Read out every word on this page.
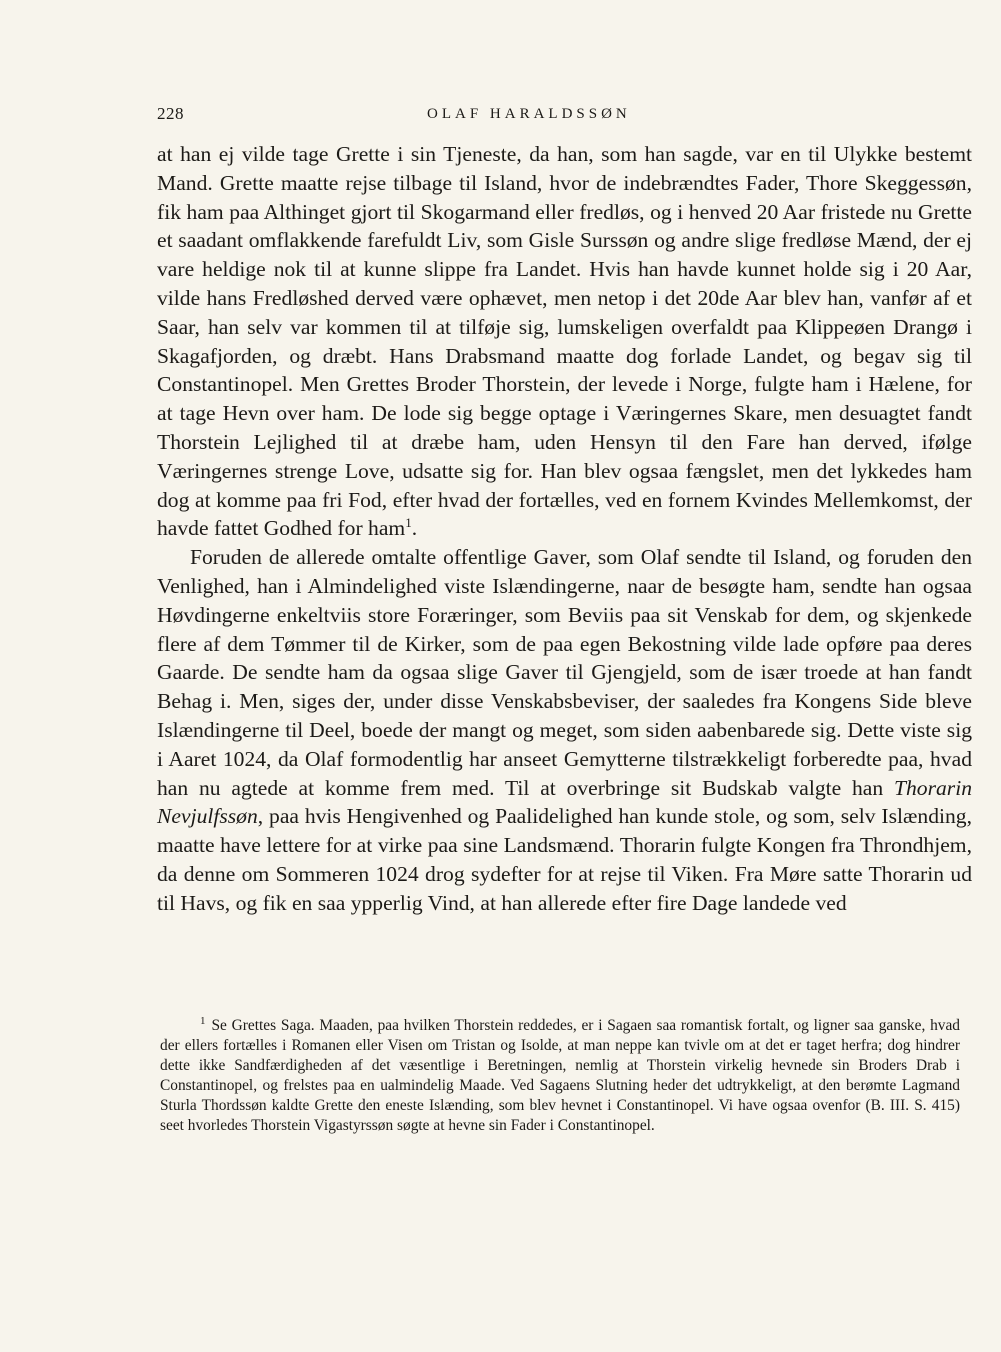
228	OLAF HARALDSSØN

at han ej vilde tage Grette i sin Tjeneste, da han, som han sagde, var en til Ulykke bestemt Mand. Grette maatte rejse tilbage til Island, hvor de indebrændtes Fader, Thore Skeggessøn, fik ham paa Althinget gjort til Skogarmand eller fredløs, og i henved 20 Aar fristede nu Grette et saadant omflakkende farefuldt Liv, som Gisle Surssøn og andre slige fredløse Mænd, der ej vare heldige nok til at kunne slippe fra Landet. Hvis han havde kunnet holde sig i 20 Aar, vilde hans Fredløshed derved være ophævet, men netop i det 20de Aar blev han, vanfør af et Saar, han selv var kommen til at tilføje sig, lumskeligen overfaldt paa Klippeøen Drangø i Skagafjorden, og dræbt. Hans Drabsmand maatte dog forlade Landet, og begav sig til Constantinopel. Men Grettes Broder Thorstein, der levede i Norge, fulgte ham i Hælene, for at tage Hevn over ham. De lode sig begge optage i Væringernes Skare, men desuagtet fandt Thorstein Lejlighed til at dræbe ham, uden Hensyn til den Fare han derved, ifølge Væringernes strenge Love, udsatte sig for. Han blev ogsaa fængslet, men det lykkedes ham dog at komme paa fri Fod, efter hvad der fortælles, ved en fornem Kvindes Mellemkomst, der havde fattet Godhed for ham$^1$.

Foruden de allerede omtalte offentlige Gaver, som Olaf sendte til Island, og foruden den Venlighed, han i Almindelighed viste Islændingerne, naar de besøgte ham, sendte han ogsaa Høvdingerne enkeltviis store Foræringer, som Beviis paa sit Venskab for dem, og skjenkede flere af dem Tømmer til de Kirker, som de paa egen Bekostning vilde lade opføre paa deres Gaarde. De sendte ham da ogsaa slige Gaver til Gjengjeld, som de især troede at han fandt Behag i. Men, siges der, under disse Venskabsbeviser, der saaledes fra Kongens Side bleve Islændingerne til Deel, boede der mangt og meget, som siden aabenbarede sig. Dette viste sig i Aaret 1024, da Olaf formodentlig har anseet Gemytterne tilstrækkeligt forberedte paa, hvad han nu agtede at komme frem med. Til at overbringe sit Budskab valgte han Thorarin Nevjulfssøn, paa hvis Hengivenhed og Paalidelighed han kunde stole, og som, selv Islænding, maatte have lettere for at virke paa sine Landsmænd. Thorarin fulgte Kongen fra Throndhjem, da denne om Sommeren 1024 drog sydefter for at rejse til Viken. Fra Møre satte Thorarin ud til Havs, og fik en saa ypperlig Vind, at han allerede efter fire Dage landede ved

$^1$ Se Grettes Saga. Maaden, paa hvilken Thorstein reddedes, er i Sagaen saa romantisk fortalt, og ligner saa ganske, hvad der ellers fortælles i Romanen eller Visen om Tristan og Isolde, at man neppe kan tvivle om at det er taget herfra; dog hindrer dette ikke Sandfærdigheden af det væsentlige i Beretningen, nemlig at Thorstein virkelig hevnede sin Broders Drab i Constantinopel, og frelstes paa en ualmindelig Maade. Ved Sagaens Slutning heder det udtrykkeligt, at den berømte Lagmand Sturla Thordssøn kaldte Grette den eneste Islænding, som blev hevnet i Constantinopel. Vi have ogsaa ovenfor (B. III. S. 415) seet hvorledes Thorstein Vigastyrssøn søgte at hevne sin Fader i Constantinopel.
